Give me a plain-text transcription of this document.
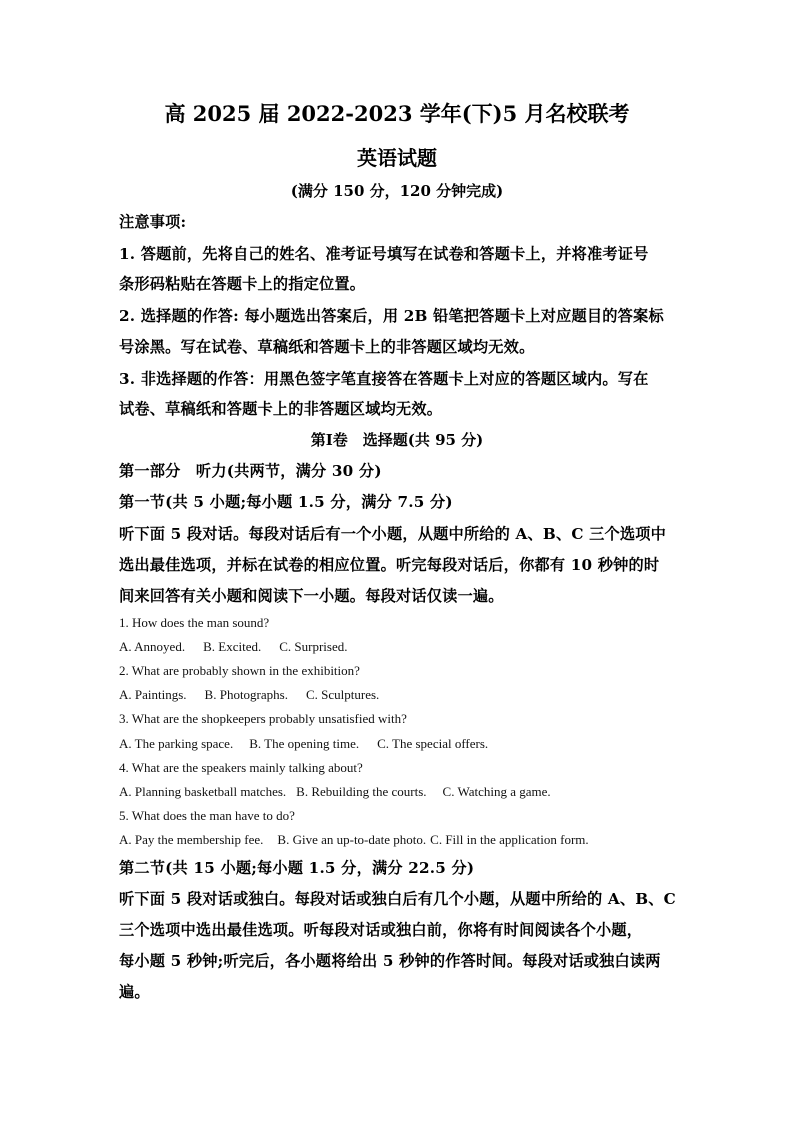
高 2025 届 2022-2023 学年(下)5 月名校联考
英语试题
(满分 150 分，120 分钟完成)
注意事项:
1. 答题前，先将自己的姓名、准考证号填写在试卷和答题卡上，并将准考证号
条形码粘贴在答题卡上的指定位置。
2. 选择题的作答: 每小题选出答案后，用 2B 铅笔把答题卡上对应题目的答案标
号涂黑。写在试卷、草稿纸和答题卡上的非答题区域均无效。
3. 非选择题的作答：用黑色签字笔直接答在答题卡上对应的答题区域内。写在
试卷、草稿纸和答题卡上的非答题区域均无效。
第Ⅰ卷　选择题(共 95 分)
第一部分　听力(共两节，满分 30 分)
第一节(共 5 小题;每小题 1.5 分，满分 7.5 分)
听下面 5 段对话。每段对话后有一个小题，从题中所给的 A、B、C 三个选项中
选出最佳选项，并标在试卷的相应位置。听完每段对话后，你都有 10 秒钟的时
间来回答有关小题和阅读下一小题。每段对话仅读一遍。
1. How does the man sound?
A. Annoyed. B. Excited. C. Surprised.
2. What are probably shown in the exhibition?
A. Paintings. B. Photographs. C. Sculptures.
3. What are the shopkeepers probably unsatisfied with?
A. The parking space. B. The opening time. C. The special offers.
4. What are the speakers mainly talking about?
A. Planning basketball matches. B. Rebuilding the courts. C. Watching a game.
5. What does the man have to do?
A. Pay the membership fee. B. Give an up-to-date photo. C. Fill in the application form.
第二节(共 15 小题;每小题 1.5 分，满分 22.5 分)
听下面 5 段对话或独白。每段对话或独白后有几个小题，从题中所给的 A、B、C
三个选项中选出最佳选项。听每段对话或独白前，你将有时间阅读各个小题，
每小题 5 秒钟;听完后，各小题将给出 5 秒钟的作答时间。每段对话或独白读两
遍。
